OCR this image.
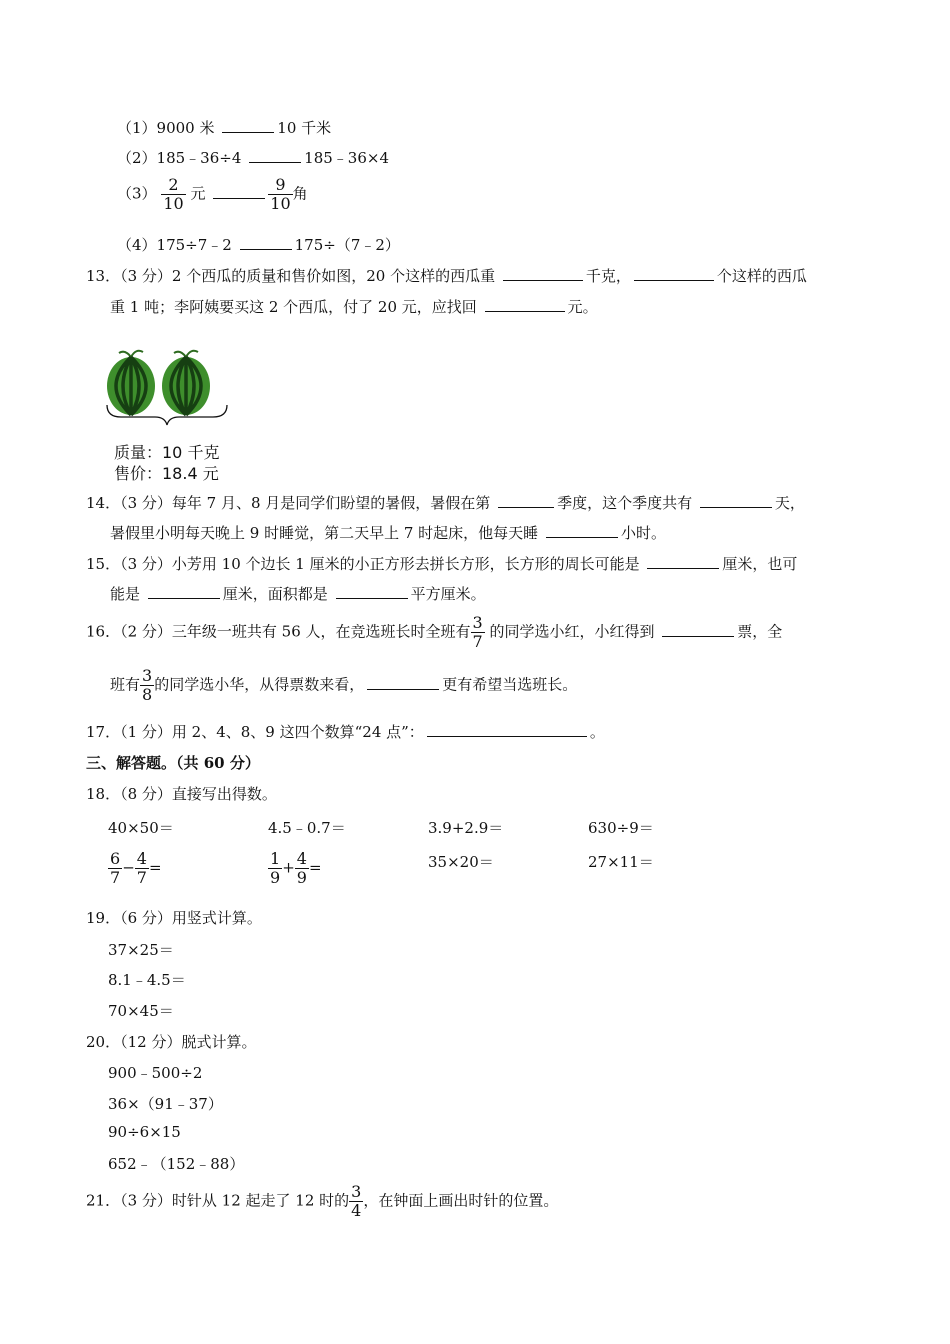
（1）9000 米	10 千米
（2）185﹣36÷4	185﹣36×4
$(3) \frac{2}{10}$ 元	$\frac{9}{10}$ 角
（4）175÷7﹣2	175÷（7﹣2）
13．（3 分）2 个西瓜的质量和售价如图，20 个这样的西瓜重	千克，	个这样的西瓜
重 1 吨；李阿姨要买这 2 个西瓜，付了 20 元，应找回	元。
质量：10 千克
售价：18.4 元
14．（3 分）每年 7 月、8 月是同学们盼望的暑假，暑假在第	季度，这个季度共有	天，
暑假里小明每天晚上 9 时睡觉，第二天早上 7 时起床，他每天睡	小时。
15．（3 分）小芳用 10 个边长 1 厘米的小正方形去拼长方形，长方形的周长可能是	厘米，也可
能是	厘米，面积都是	平方厘米。
16．（2 分）三年级一班共有 56 人，在竞选班长时全班有 $\frac{3}{7}$ 的同学选小红，小红得到	票，全
班有 $\frac{3}{8}$ 的同学选小华，从得票数来看，	更有希望当选班长。
17．（1 分）用 2、4、8、9 这四个数算“24 点”：	。
三、解答题。（共 60 分）
18．（8 分）直接写出得数。
40×50＝	4.5﹣0.7＝	3.9+2.9＝	630÷9＝
$\frac{6}{7} - \frac{4}{7}$ =	$\frac{1}{9} + \frac{4}{9}$ =	35×20＝	27×11＝
19．（6 分）用竖式计算。
37×25＝
8.1﹣4.5＝
70×45＝
20．（12 分）脱式计算。
900﹣500÷2
36×（91﹣37）
90÷6×15
652﹣（152﹣88）
21．（3 分）时针从 12 起走了 12 时的 $\frac{3}{4}$ ，在钟面上画出时针的位置。
